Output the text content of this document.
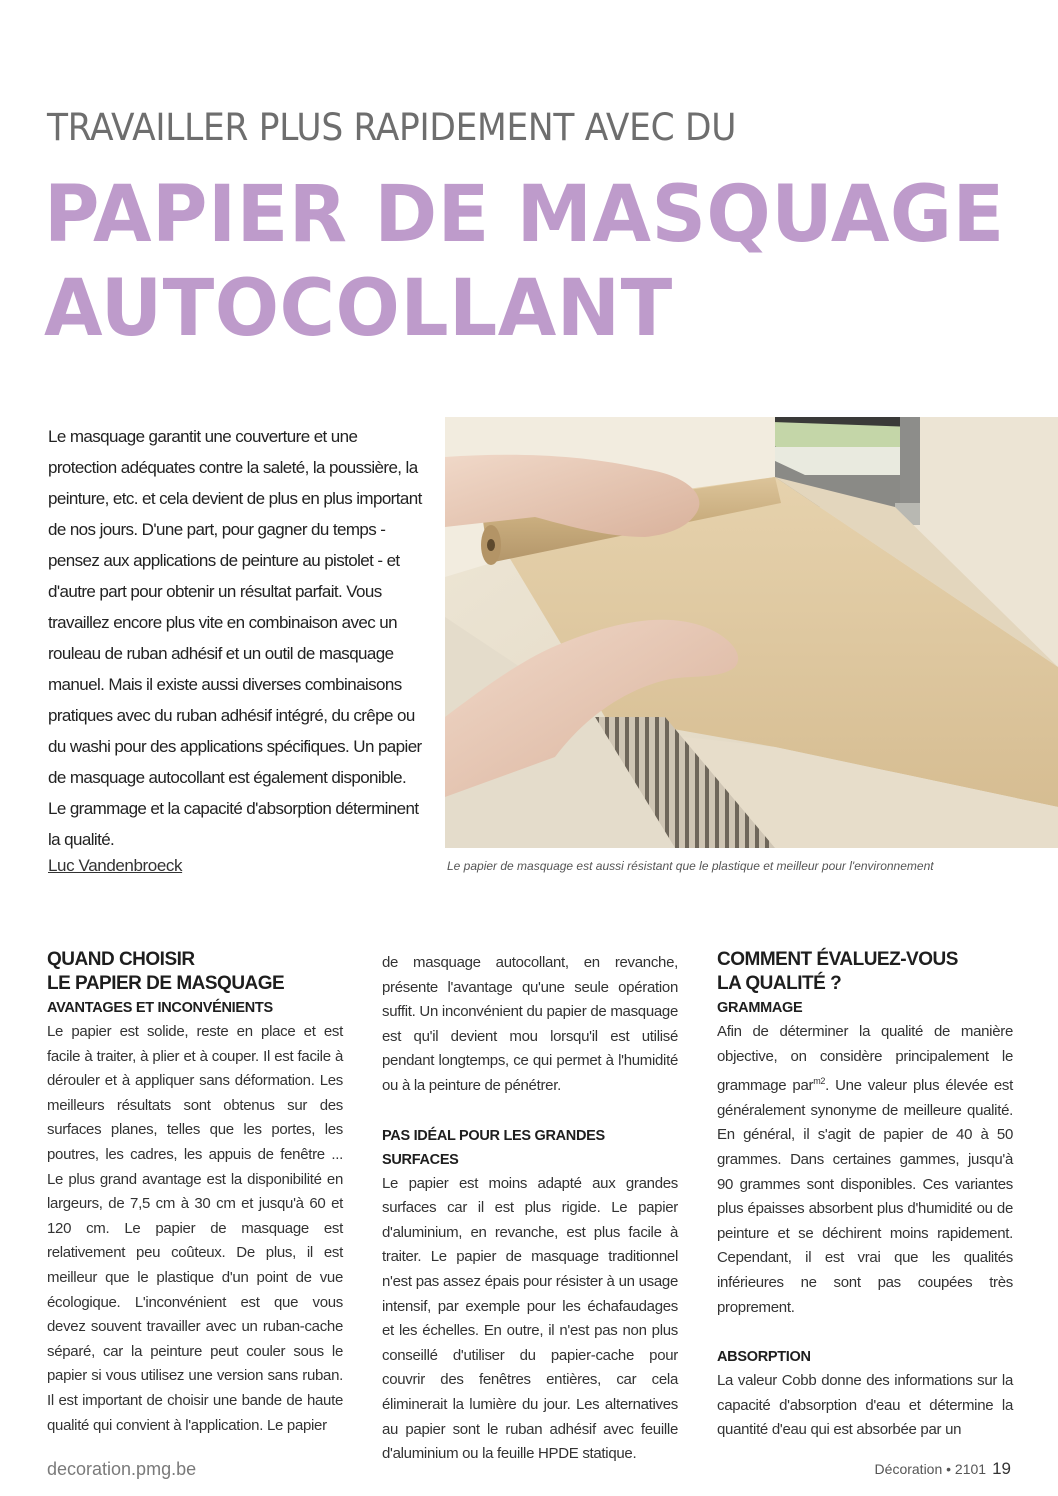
TRAVAILLER PLUS RAPIDEMENT AVEC DU
PAPIER DE MASQUAGE
AUTOCOLLANT

Le masquage garantit une couverture et une protection adéquates contre la saleté, la poussière, la peinture, etc. et cela devient de plus en plus important de nos jours. D'une part, pour gagner du temps - pensez aux applications de peinture au pistolet - et d'autre part pour obtenir un résultat parfait. Vous travaillez encore plus vite en combinaison avec un rouleau de ruban adhésif et un outil de masquage manuel. Mais il existe aussi diverses combinaisons pratiques avec du ruban adhésif intégré, du crêpe ou du washi pour des applications spécifiques. Un papier de masquage autocollant est également disponible. Le grammage et la capacité d'absorption déterminent la qualité.

Luc Vandenbroeck	Le papier de masquage est aussi résistant que le plastique et meilleur pour l'environnement

QUAND CHOISIR
LE PAPIER DE MASQUAGE
AVANTAGES ET INCONVÉNIENTS

Le papier est solide, reste en place et est facile à traiter, à plier et à couper. Il est facile à dérouler et à appliquer sans déformation. Les meilleurs résultats sont obtenus sur des surfaces planes, telles que les portes, les poutres, les cadres, les appuis de fenêtre ... Le plus grand avantage est la disponibilité en largeurs, de 7,5 cm à 30 cm et jusqu'à 60 et 120 cm. Le papier de masquage est relativement peu coûteux. De plus, il est meilleur que le plastique d'un point de vue écologique. L'inconvénient est que vous devez souvent travailler avec un ruban-cache séparé, car la peinture peut couler sous le papier si vous utilisez une version sans ruban. Il est important de choisir une bande de haute qualité qui convient à l'application. Le papier

de masquage autocollant, en revanche, présente l'avantage qu'une seule opération suffit. Un inconvénient du papier de masquage est qu'il devient mou lorsqu'il est utilisé pendant longtemps, ce qui permet à l'humidité ou à la peinture de pénétrer.

PAS IDÉAL POUR LES GRANDES SURFACES

Le papier est moins adapté aux grandes surfaces car il est plus rigide. Le papier d'aluminium, en revanche, est plus facile à traiter. Le papier de masquage traditionnel n'est pas assez épais pour résister à un usage intensif, par exemple pour les échafaudages et les échelles. En outre, il n'est pas non plus conseillé d'utiliser du papier-cache pour couvrir des fenêtres entières, car cela éliminerait la lumière du jour. Les alternatives au papier sont le ruban adhésif avec feuille d'aluminium ou la feuille HPDE statique.

COMMENT ÉVALUEZ-VOUS
LA QUALITÉ ?
GRAMMAGE

Afin de déterminer la qualité de manière objective, on considère principalement le grammage par$^{m2}$. Une valeur plus élevée est généralement synonyme de meilleure qualité. En général, il s'agit de papier de 40 à 50 grammes. Dans certaines gammes, jusqu'à 90 grammes sont disponibles. Ces variantes plus épaisses absorbent plus d'humidité ou de peinture et se déchirent moins rapidement. Cependant, il est vrai que les qualités inférieures ne sont pas coupées très proprement.

ABSORPTION

La valeur Cobb donne des informations sur la capacité d'absorption d'eau et détermine la quantité d'eau qui est absorbée par un

decoration.pmg.be	Décoration • 2101 19
